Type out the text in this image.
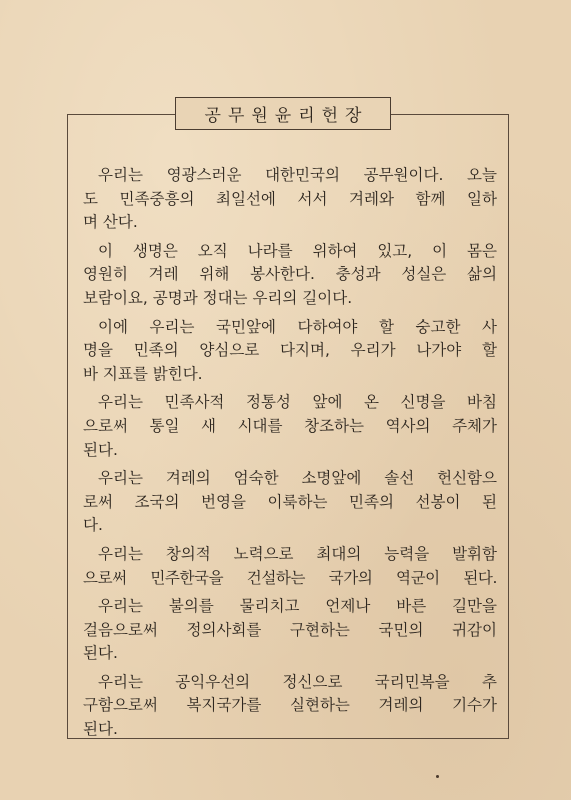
공무원윤리헌장
우리는 영광스러운 대한민국의 공무원이다. 오늘
도 민족중흥의 최일선에 서서 겨레와 함께 일하
며 산다.
이 생명은 오직 나라를 위하여 있고, 이 몸은
영원히 겨레 위해 봉사한다. 충성과 성실은 삶의
보람이요, 공명과 정대는 우리의 길이다.
이에 우리는 국민앞에 다하여야 할 숭고한 사
명을 민족의 양심으로 다지며, 우리가 나가야 할
바 지표를 밝힌다.
우리는 민족사적 정통성 앞에 온 신명을 바침
으로써 통일 새 시대를 창조하는 역사의 주체가
된다.
우리는 겨레의 엄숙한 소명앞에 솔선 헌신함으
로써 조국의 번영을 이룩하는 민족의 선봉이 된
다.
우리는 창의적 노력으로 최대의 능력을 발휘함
으로써 민주한국을 건설하는 국가의 역군이 된다.
우리는 불의를 물리치고 언제나 바른 길만을
걸음으로써 정의사회를 구현하는 국민의 귀감이
된다.
우리는 공익우선의 정신으로 국리민복을 추
구함으로써 복지국가를 실현하는 겨레의 기수가
된다.
